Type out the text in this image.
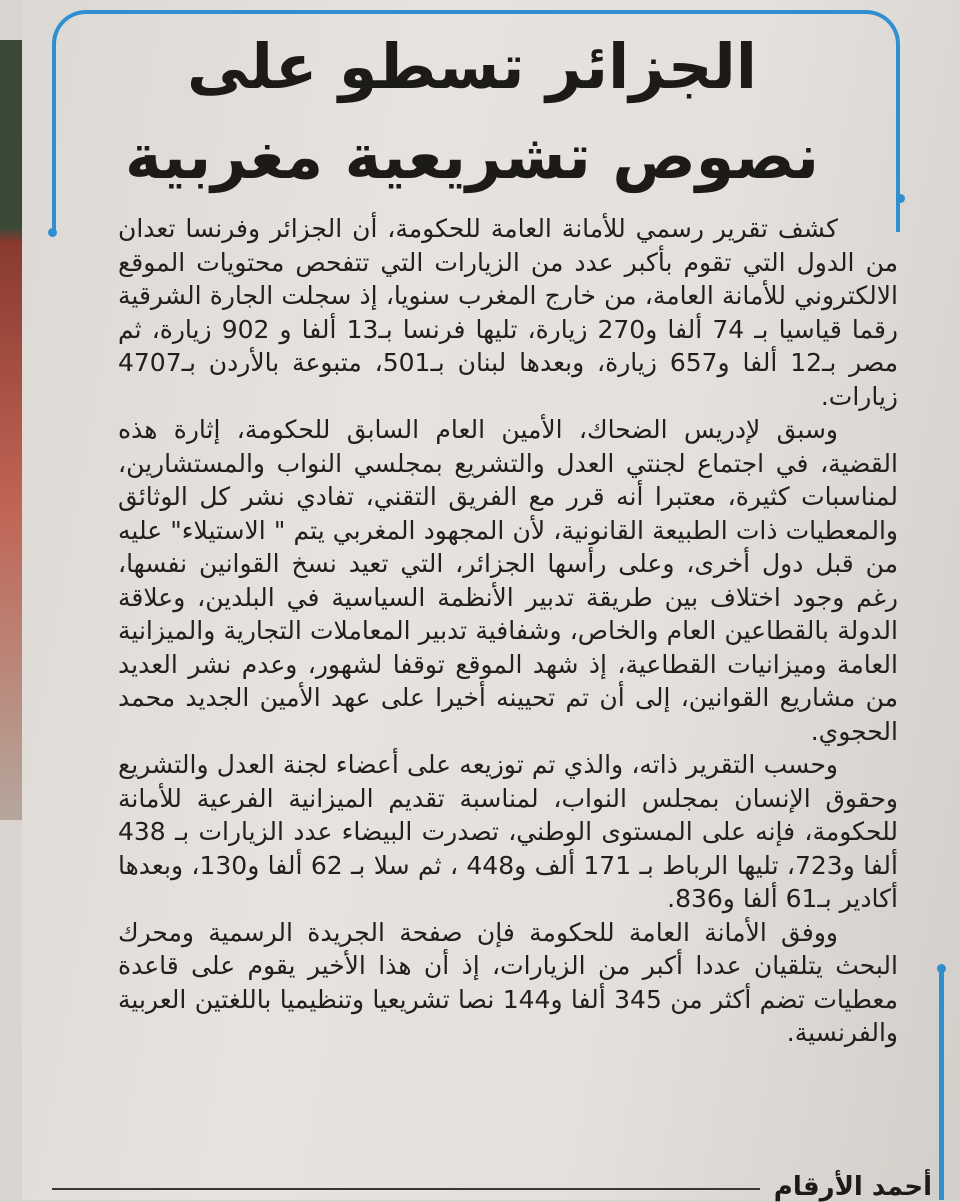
الجزائر تسطو على نصوص تشريعية مغربية

كشف تقرير رسمي للأمانة العامة للحكومة، أن الجزائر وفرنسا تعدان من الدول التي تقوم بأكبر عدد من الزيارات التي تتفحص محتويات الموقع الالكتروني للأمانة العامة، من خارج المغرب سنويا، إذ سجلت الجارة الشرقية رقما قياسيا بـ 74 ألفا و270 زيارة، تليها فرنسا بـ13 ألفا و 902 زيارة، ثم مصر بـ12 ألفا و657 زيارة، وبعدها لبنان بـ501، متبوعة بالأردن بـ4707 زيارات.

وسبق لإدريس الضحاك، الأمين العام السابق للحكومة، إثارة هذه القضية، في اجتماع لجنتي العدل والتشريع بمجلسي النواب والمستشارين، لمناسبات كثيرة، معتبرا أنه قرر مع الفريق التقني، تفادي نشر كل الوثائق والمعطيات ذات الطبيعة القانونية، لأن المجهود المغربي يتم " الاستيلاء" عليه من قبل دول أخرى، وعلى رأسها الجزائر، التي تعيد نسخ القوانين نفسها، رغم وجود اختلاف بين طريقة تدبير الأنظمة السياسية في البلدين، وعلاقة الدولة بالقطاعين العام والخاص، وشفافية تدبير المعاملات التجارية والميزانية العامة وميزانيات القطاعية، إذ شهد الموقع توقفا لشهور، وعدم نشر العديد من مشاريع القوانين، إلى أن تم تحيينه أخيرا على عهد الأمين الجديد محمد الحجوي.

وحسب التقرير ذاته، والذي تم توزيعه على أعضاء لجنة العدل والتشريع وحقوق الإنسان بمجلس النواب، لمناسبة تقديم الميزانية الفرعية للأمانة للحكومة، فإنه على المستوى الوطني، تصدرت البيضاء عدد الزيارات بـ 438 ألفا و723، تليها الرباط بـ 171 ألف و448 ، ثم سلا بـ 62 ألفا و130، وبعدها أكادير بـ61 ألفا و836.

ووفق الأمانة العامة للحكومة فإن صفحة الجريدة الرسمية ومحرك البحث يتلقيان عددا أكبر من الزيارات، إذ أن هذا الأخير يقوم على قاعدة معطيات تضم أكثر من 345 ألفا و144 نصا تشريعيا وتنظيميا باللغتين العربية والفرنسية.

أحمد الأرقام
